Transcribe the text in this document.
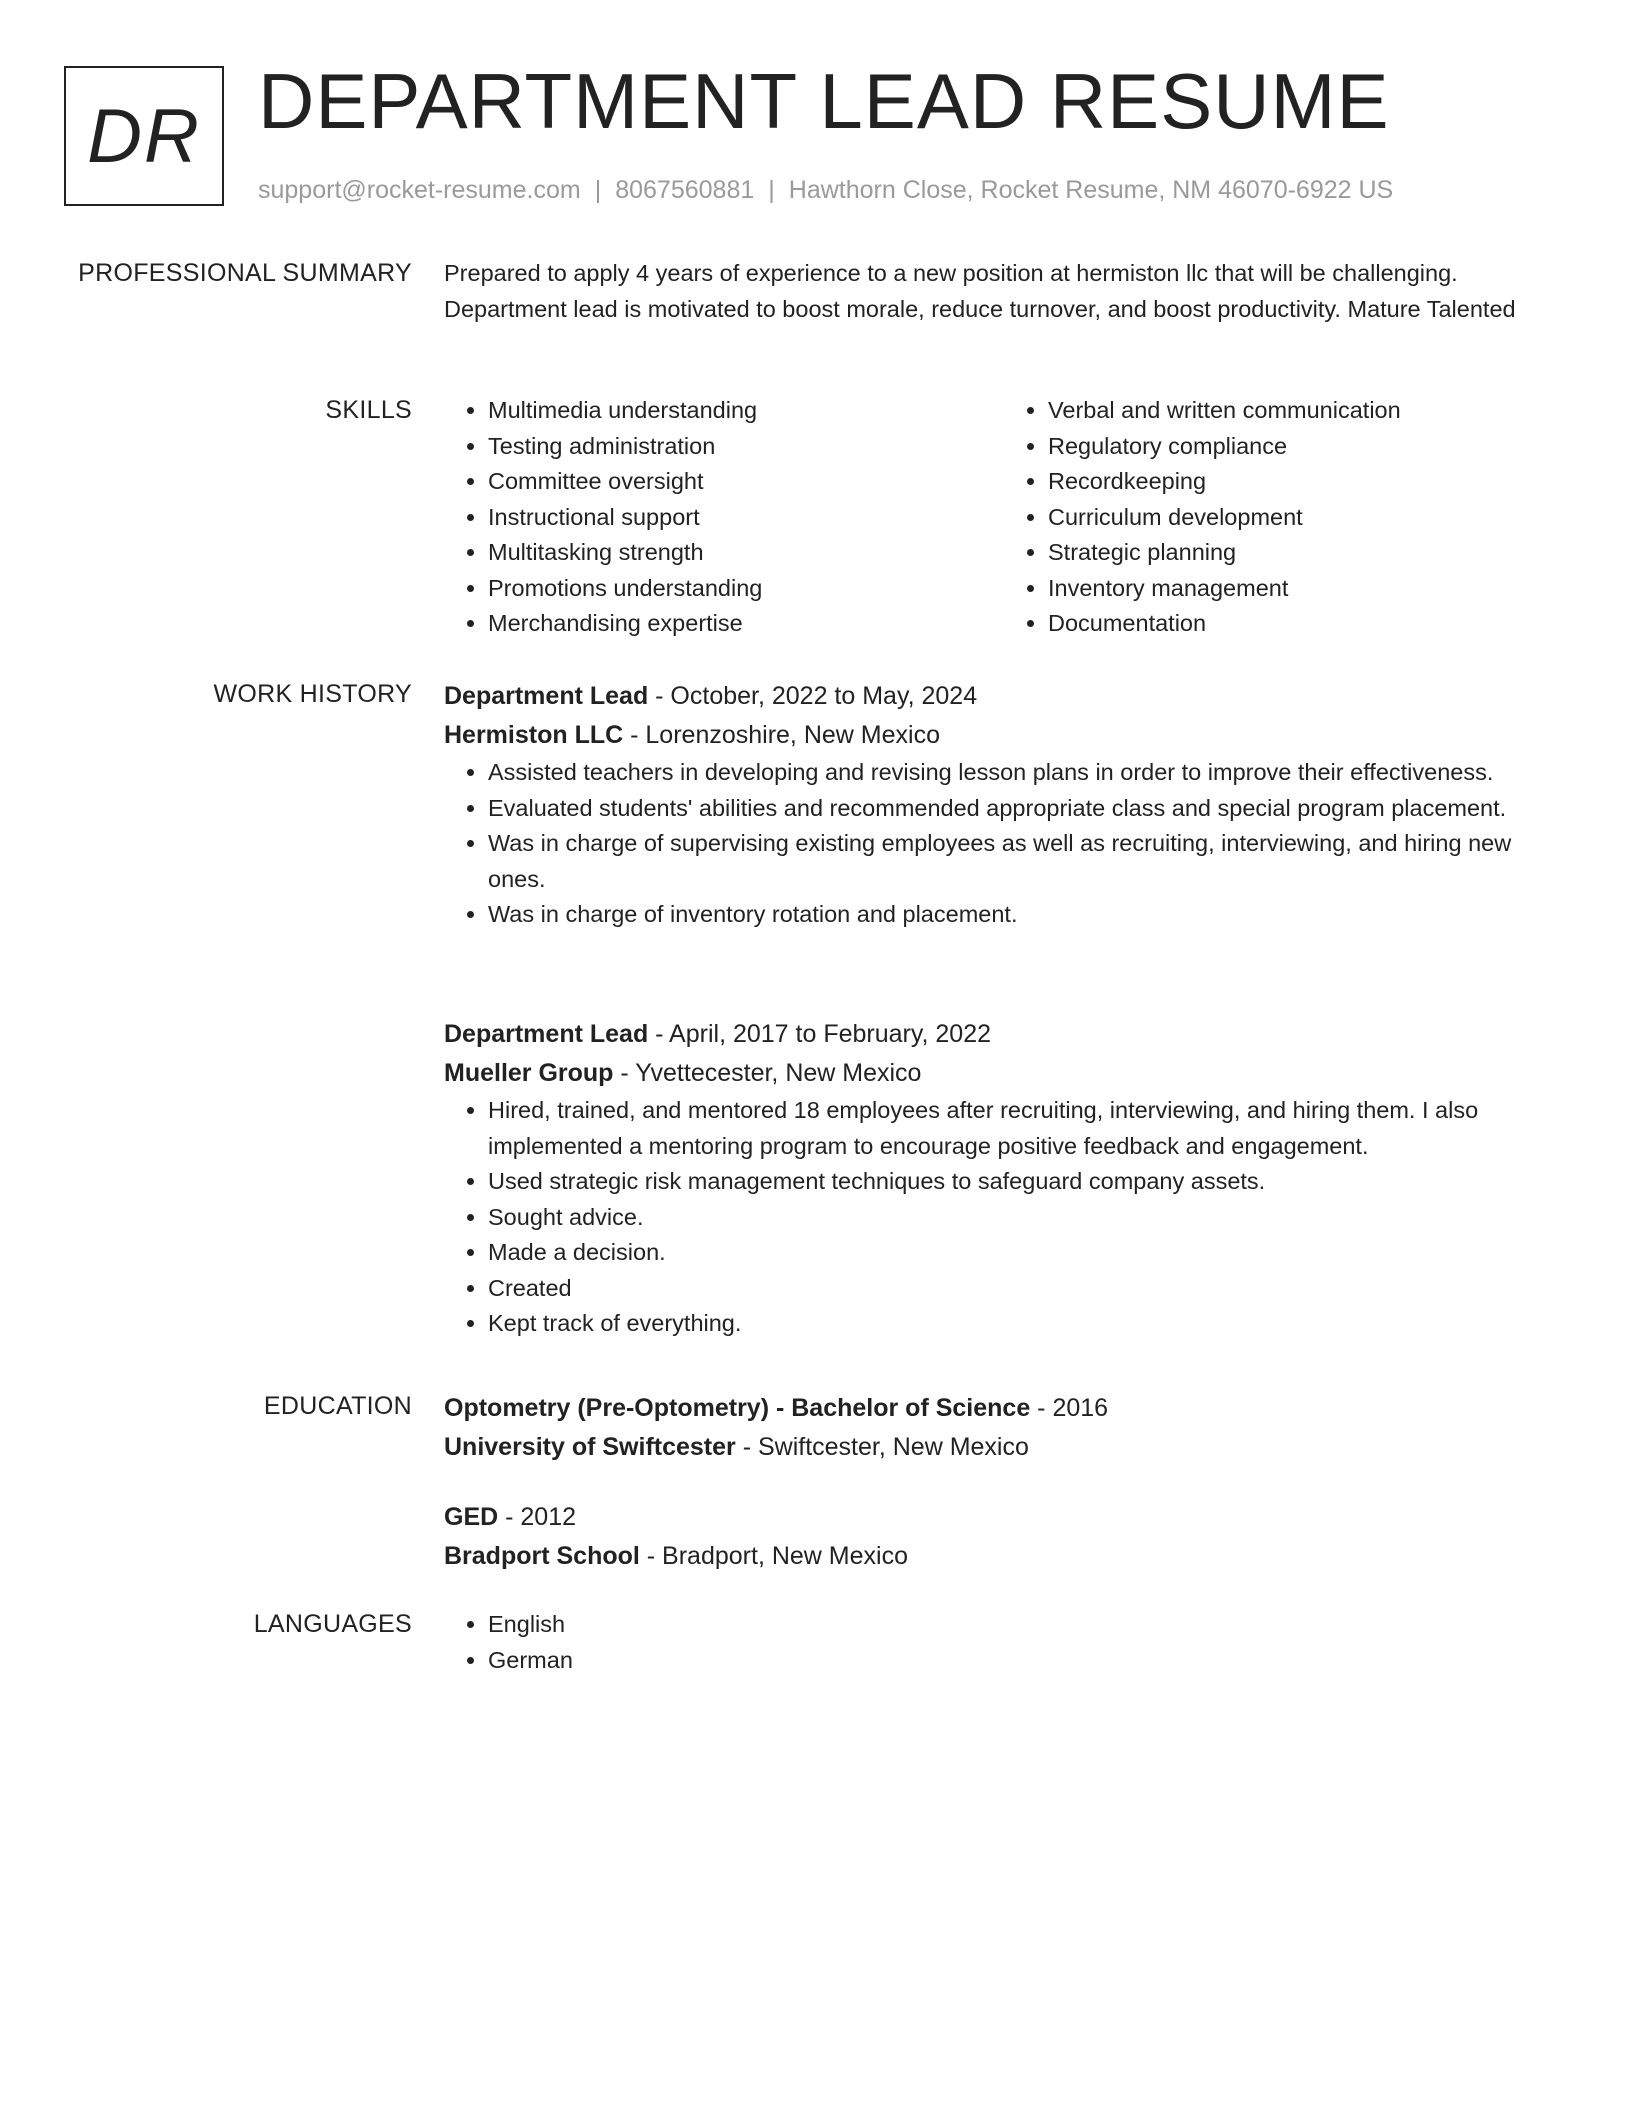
DR DEPARTMENT LEAD RESUME
support@rocket-resume.com | 8067560881 | Hawthorn Close, Rocket Resume, NM 46070-6922 US
PROFESSIONAL SUMMARY Prepared to apply 4 years of experience to a new position at hermiston llc that will be challenging. Department lead is motivated to boost morale, reduce turnover, and boost productivity. Mature Talented

SKILLS	• Multimedia understanding
• Testing administration
• Committee oversight
• Instructional support
• Multitasking strength
• Promotions understanding
• Merchandising expertise
• Verbal and written communication
• Regulatory compliance
• Recordkeeping
• Curriculum development
• Strategic planning
• Inventory management
• Documentation
WORK HISTORY Department Lead - October, 2022 to May, 2024
Hermiston LLC - Lorenzoshire, New Mexico
• Assisted teachers in developing and revising lesson plans in order to improve their effectiveness.
• Evaluated students' abilities and recommended appropriate class and special program placement.
• Was in charge of supervising existing employees as well as recruiting, interviewing, and hiring new ones.
• Was in charge of inventory rotation and placement.
Department Lead - April, 2017 to February, 2022
Mueller Group - Yvettecester, New Mexico
• Hired, trained, and mentored 18 employees after recruiting, interviewing, and hiring them. I also implemented a mentoring program to encourage positive feedback and engagement.
• Used strategic risk management techniques to safeguard company assets.
• Sought advice.
• Made a decision.
• Created
• Kept track of everything.
EDUCATION Optometry (Pre-Optometry) - Bachelor of Science - 2016
University of Swiftcester - Swiftcester, New Mexico
GED - 2012
Bradport School - Bradport, New Mexico
LANGUAGES	• English
• German
